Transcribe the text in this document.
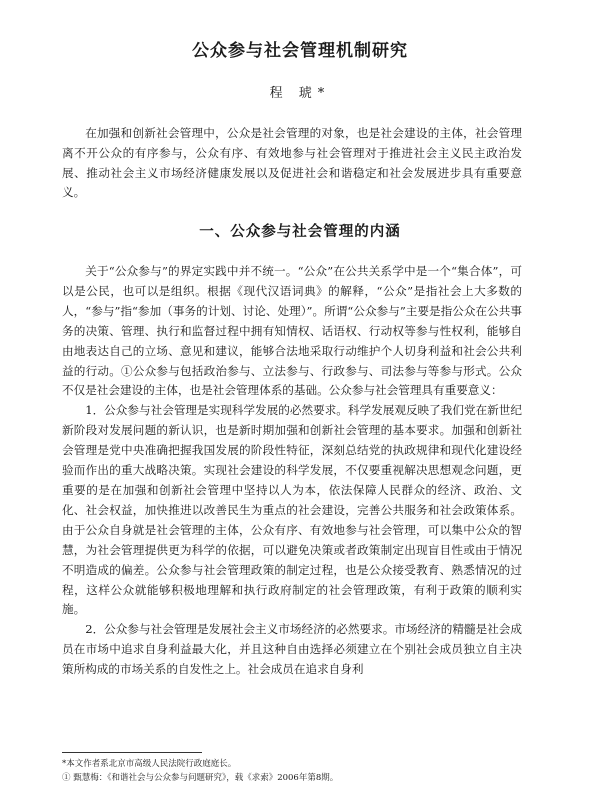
公众参与社会管理机制研究
程 琥*

在加强和创新社会管理中，公众是社会管理的对象，也是社会建设的主体，社会管理离不开公众的有序参与，公众有序、有效地参与社会管理对于推进社会主义民主政治发展、推动社会主义市场经济健康发展以及促进社会和谐稳定和社会发展进步具有重要意义。

一、公众参与社会管理的内涵

关于“公众参与”的界定实践中并不统一。“公众”在公共关系学中是一个“集合体”，可以是公民，也可以是组织。根据《现代汉语词典》的解释，“公众”是指社会上大多数的人，“参与”指“参加（事务的计划、讨论、处理）”。所谓“公众参与”主要是指公众在公共事务的决策、管理、执行和监督过程中拥有知情权、话语权、行动权等参与性权利，能够自由地表达自己的立场、意见和建议，能够合法地采取行动维护个人切身利益和社会公共利益的行动。①公众参与包括政治参与、立法参与、行政参与、司法参与等参与形式。公众不仅是社会建设的主体，也是社会管理体系的基础。公众参与社会管理具有重要意义：

1．公众参与社会管理是实现科学发展的必然要求。科学发展观反映了我们党在新世纪新阶段对发展问题的新认识，也是新时期加强和创新社会管理的基本要求。加强和创新社会管理是党中央准确把握我国发展的阶段性特征，深刻总结党的执政规律和现代化建设经验而作出的重大战略决策。实现社会建设的科学发展，不仅要重视解决思想观念问题，更重要的是在加强和创新社会管理中坚持以人为本，依法保障人民群众的经济、政治、文化、社会权益，加快推进以改善民生为重点的社会建设，完善公共服务和社会政策体系。由于公众自身就是社会管理的主体，公众有序、有效地参与社会管理，可以集中公众的智慧，为社会管理提供更为科学的依据，可以避免决策或者政策制定出现盲目性或由于情况不明造成的偏差。公众参与社会管理政策的制定过程，也是公众接受教育、熟悉情况的过程，这样公众就能够积极地理解和执行政府制定的社会管理政策，有利于政策的顺利实施。

2．公众参与社会管理是发展社会主义市场经济的必然要求。市场经济的精髓是社会成员在市场中追求自身利益最大化，并且这种自由选择必须建立在个别社会成员独立自主决策所构成的市场关系的自发性之上。社会成员在追求自身利

*本文作者系北京市高级人民法院行政庭庭长。
① 甄慧梅：《和谐社会与公众参与问题研究》，载《求索》2006年第8期。
